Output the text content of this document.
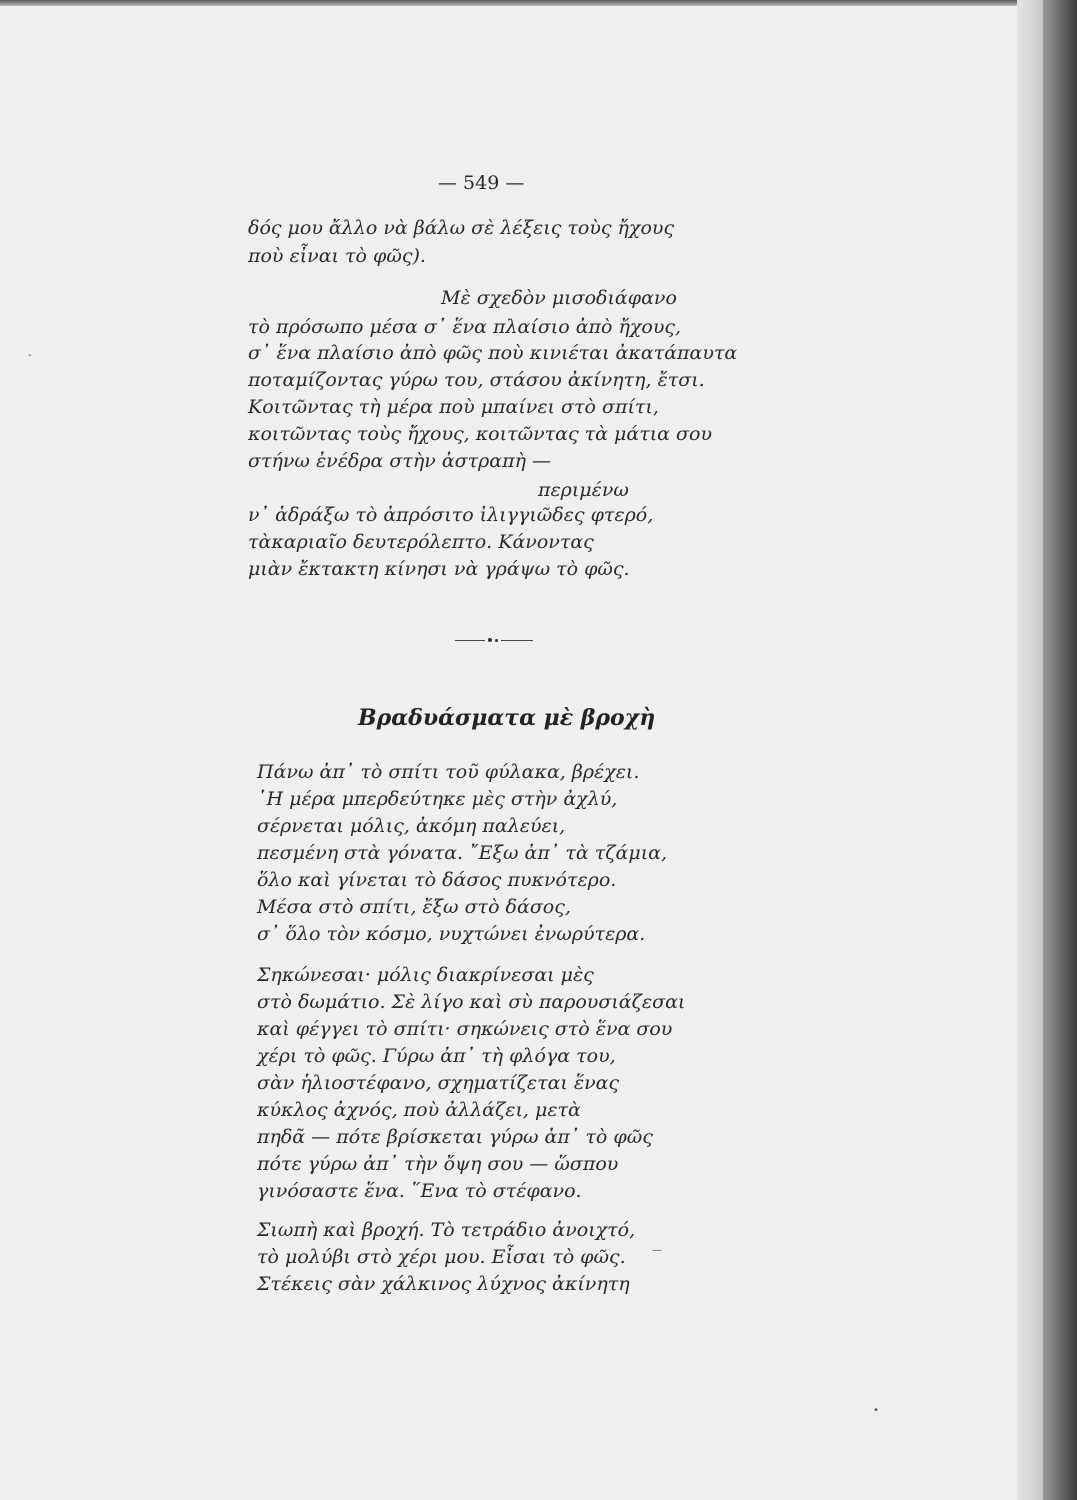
— 549 —
δός μου ἄλλο νὰ βάλω σὲ λέξεις τοὺς ἤχους
ποὺ εἶναι τὸ φῶς).
Μὲ σχεδὸν μισοδιάφανο
τὸ πρόσωπο μέσα σ᾿ ἕνα πλαίσιο ἀπὸ ἤχους,
σ᾿ ἕνα πλαίσιο ἀπὸ φῶς ποὺ κινιέται ἀκατάπαυτα
ποταμίζοντας γύρω του, στάσου ἀκίνητη, ἔτσι.
Κοιτῶντας τὴ μέρα ποὺ μπαίνει στὸ σπίτι,
κοιτῶντας τοὺς ἤχους, κοιτῶντας τὰ μάτια σου
στήνω ἐνέδρα στὴν ἀστραπὴ —
περιμένω
ν᾿ ἁδράξω τὸ ἀπρόσιτο ἰλιγγιῶδες φτερό,
τὰκαριαῖο δευτερόλεπτο. Κάνοντας
μιὰν ἔκτακτη κίνησι νὰ γράψω τὸ φῶς.
Βραδυάσματα μὲ βροχὴ
Πάνω ἀπ᾿ τὸ σπίτι τοῦ φύλακα, βρέχει.
῾Η μέρα μπερδεύτηκε μὲς στὴν ἀχλύ,
σέρνεται μόλις, ἀκόμη παλεύει,
πεσμένη στὰ γόνατα. ῎Εξω ἀπ᾿ τὰ τζάμια,
ὅλο καὶ γίνεται τὸ δάσος πυκνότερο.
Μέσα στὸ σπίτι, ἔξω στὸ δάσος,
σ᾿ ὅλο τὸν κόσμο, νυχτώνει ἐνωρύτερα.
Σηκώνεσαι· μόλις διακρίνεσαι μὲς
στὸ δωμάτιο. Σὲ λίγο καὶ σὺ παρουσιάζεσαι
καὶ φέγγει τὸ σπίτι· σηκώνεις στὸ ἕνα σου
χέρι τὸ φῶς. Γύρω ἀπ᾿ τὴ φλόγα του,
σὰν ἡλιοστέφανο, σχηματίζεται ἕνας
κύκλος ἀχνός, ποὺ ἀλλάζει, μετὰ
πηδᾶ — πότε βρίσκεται γύρω ἀπ᾿ τὸ φῶς
πότε γύρω ἀπ᾿ τὴν ὄψη σου — ὥσπου
γινόσαστε ἕνα. ῞Ενα τὸ στέφανο.
Σιωπὴ καὶ βροχή. Τὸ τετράδιο ἀνοιχτό,
τὸ μολύβι στὸ χέρι μου. Εἶσαι τὸ φῶς.
Στέκεις σὰν χάλκινος λύχνος ἀκίνητη
-
—
•
